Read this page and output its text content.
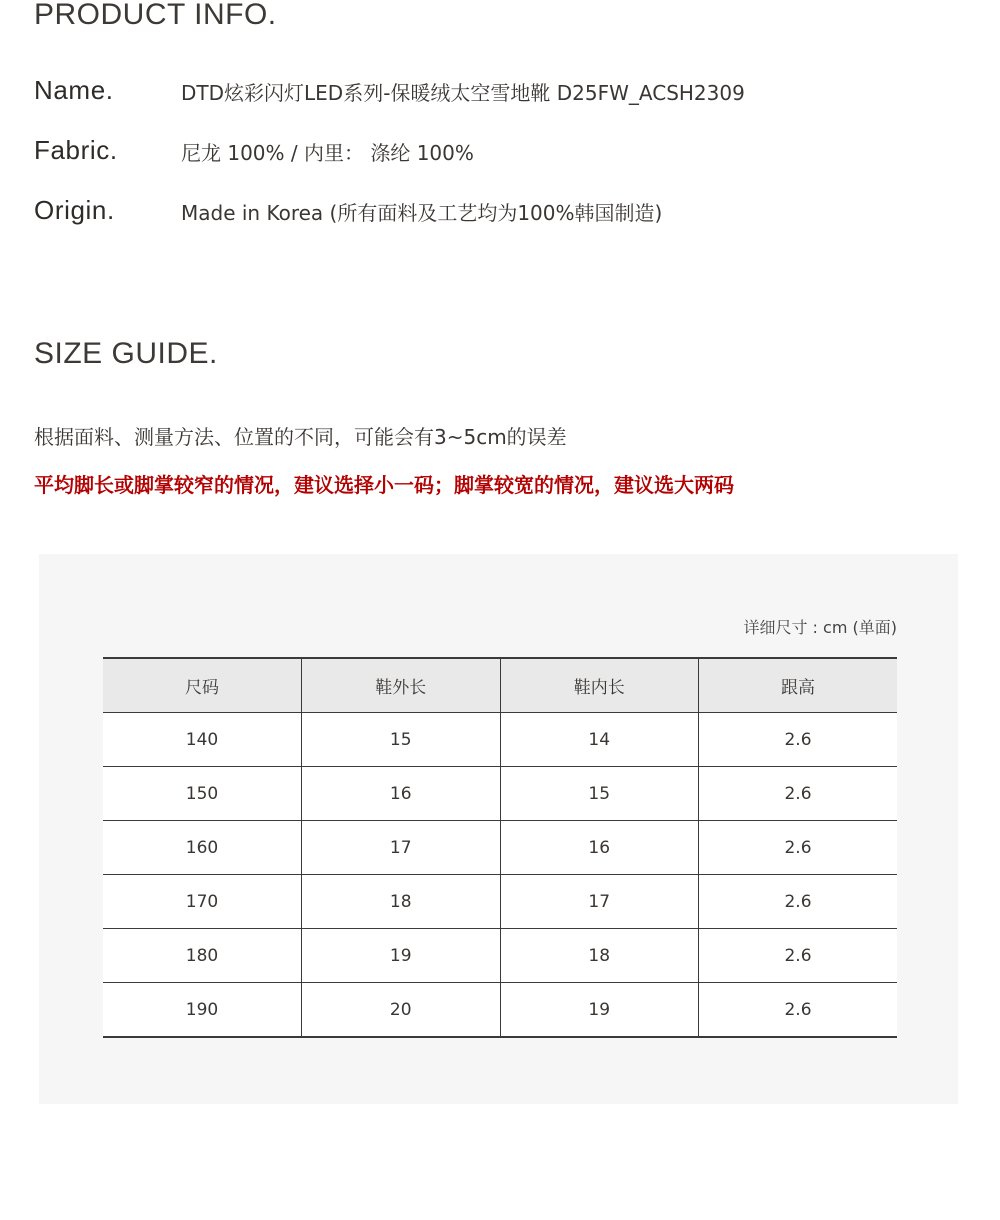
PRODUCT INFO.
Name.	DTD炫彩闪灯LED系列-保暖绒太空雪地靴 D25FW_ACSH2309
Fabric.	尼龙 100% / 内里： 涤纶 100%
Origin.	Made in Korea (所有面料及工艺均为100%韩国制造)
SIZE GUIDE.
根据面料、测量方法、位置的不同，可能会有3~5cm的误差
平均脚长或脚掌较窄的情况，建议选择小一码；脚掌较宽的情况，建议选大两码
详细尺寸 : cm (单面)
尺码	鞋外长	鞋内长	跟高
140	15	14	2.6
150	16	15	2.6
160	17	16	2.6
170	18	17	2.6
180	19	18	2.6
190	20	19	2.6
